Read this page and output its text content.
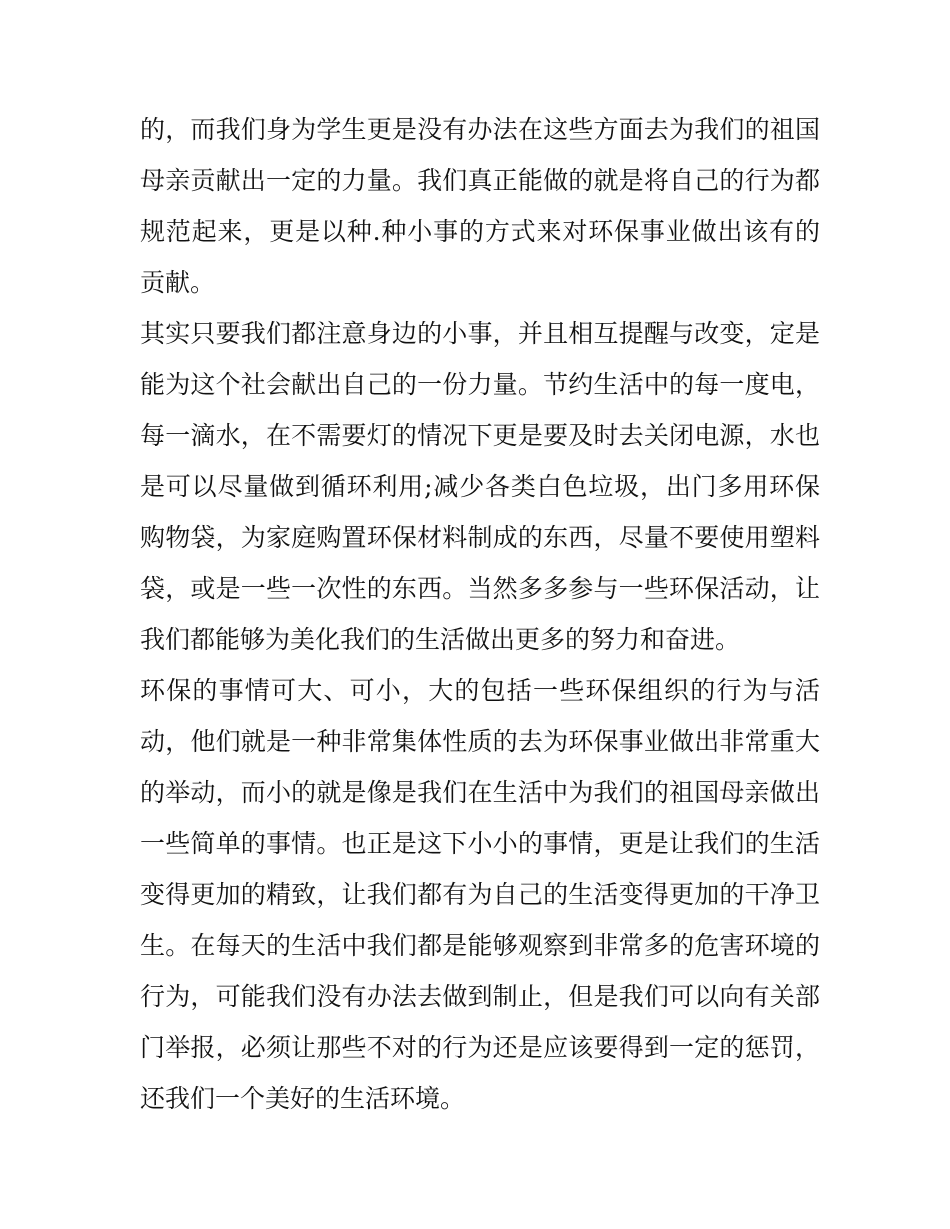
的，而我们身为学生更是没有办法在这些方面去为我们的祖国
母亲贡献出一定的力量。我们真正能做的就是将自己的行为都
规范起来，更是以种.种小事的方式来对环保事业做出该有的
贡献。
其实只要我们都注意身边的小事，并且相互提醒与改变，定是
能为这个社会献出自己的一份力量。节约生活中的每一度电，
每一滴水，在不需要灯的情况下更是要及时去关闭电源，水也
是可以尽量做到循环利用;减少各类白色垃圾，出门多用环保
购物袋，为家庭购置环保材料制成的东西，尽量不要使用塑料
袋，或是一些一次性的东西。当然多多参与一些环保活动，让
我们都能够为美化我们的生活做出更多的努力和奋进。
环保的事情可大、可小，大的包括一些环保组织的行为与活
动，他们就是一种非常集体性质的去为环保事业做出非常重大
的举动，而小的就是像是我们在生活中为我们的祖国母亲做出
一些简单的事情。也正是这下小小的事情，更是让我们的生活
变得更加的精致，让我们都有为自己的生活变得更加的干净卫
生。在每天的生活中我们都是能够观察到非常多的危害环境的
行为，可能我们没有办法去做到制止，但是我们可以向有关部
门举报，必须让那些不对的行为还是应该要得到一定的惩罚，
还我们一个美好的生活环境。
